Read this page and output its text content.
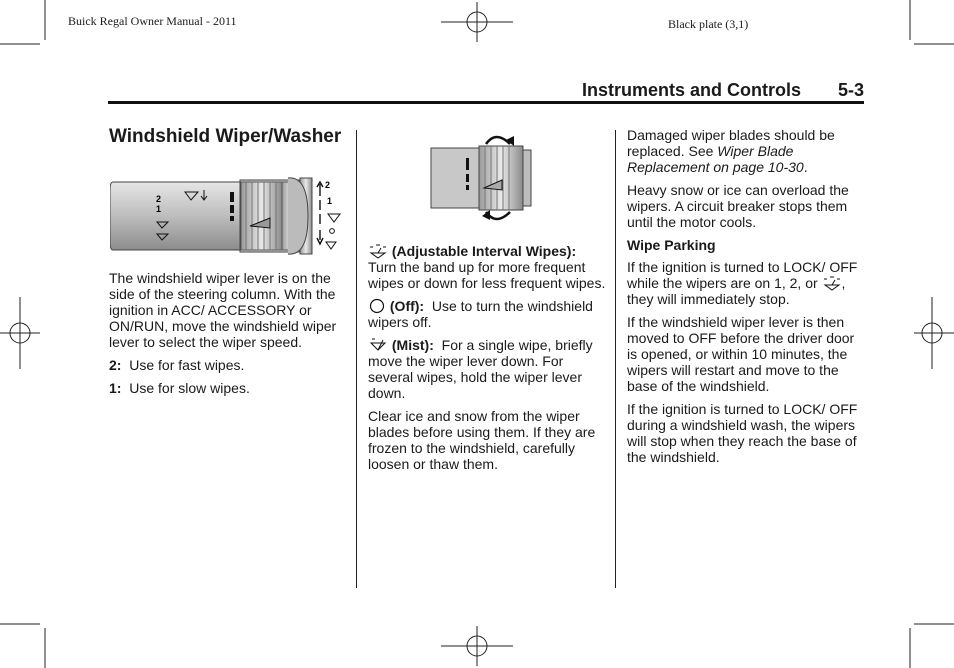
Buick Regal Owner Manual - 2011	Black plate (3,1)
Instruments and Controls 5-3
Windshield Wiper/Washer
2
1
2
1

The windshield wiper lever is on the side of the steering column. With the ignition in ACC/ ACCESSORY or ON/RUN, move the windshield wiper lever to select the wiper speed.

2: Use for fast wipes.

1: Use for slow wipes.

(Adjustable Interval Wipes): Turn the band up for more frequent wipes or down for less frequent wipes.

(Off): Use to turn the windshield wipers off.

(Mist): For a single wipe, briefly move the wiper lever down. For several wipes, hold the wiper lever down.

Clear ice and snow from the wiper blades before using them. If they are frozen to the windshield, carefully loosen or thaw them.

Damaged wiper blades should be replaced. See Wiper Blade Replacement on page 10-30.

Heavy snow or ice can overload the wipers. A circuit breaker stops them until the motor cools.

Wipe Parking

If the ignition is turned to LOCK/ OFF while the wipers are on 1, 2, or , they will immediately stop.

If the windshield wiper lever is then moved to OFF before the driver door is opened, or within 10 minutes, the wipers will restart and move to the base of the windshield.

If the ignition is turned to LOCK/ OFF during a windshield wash, the wipers will stop when they reach the base of the windshield.
